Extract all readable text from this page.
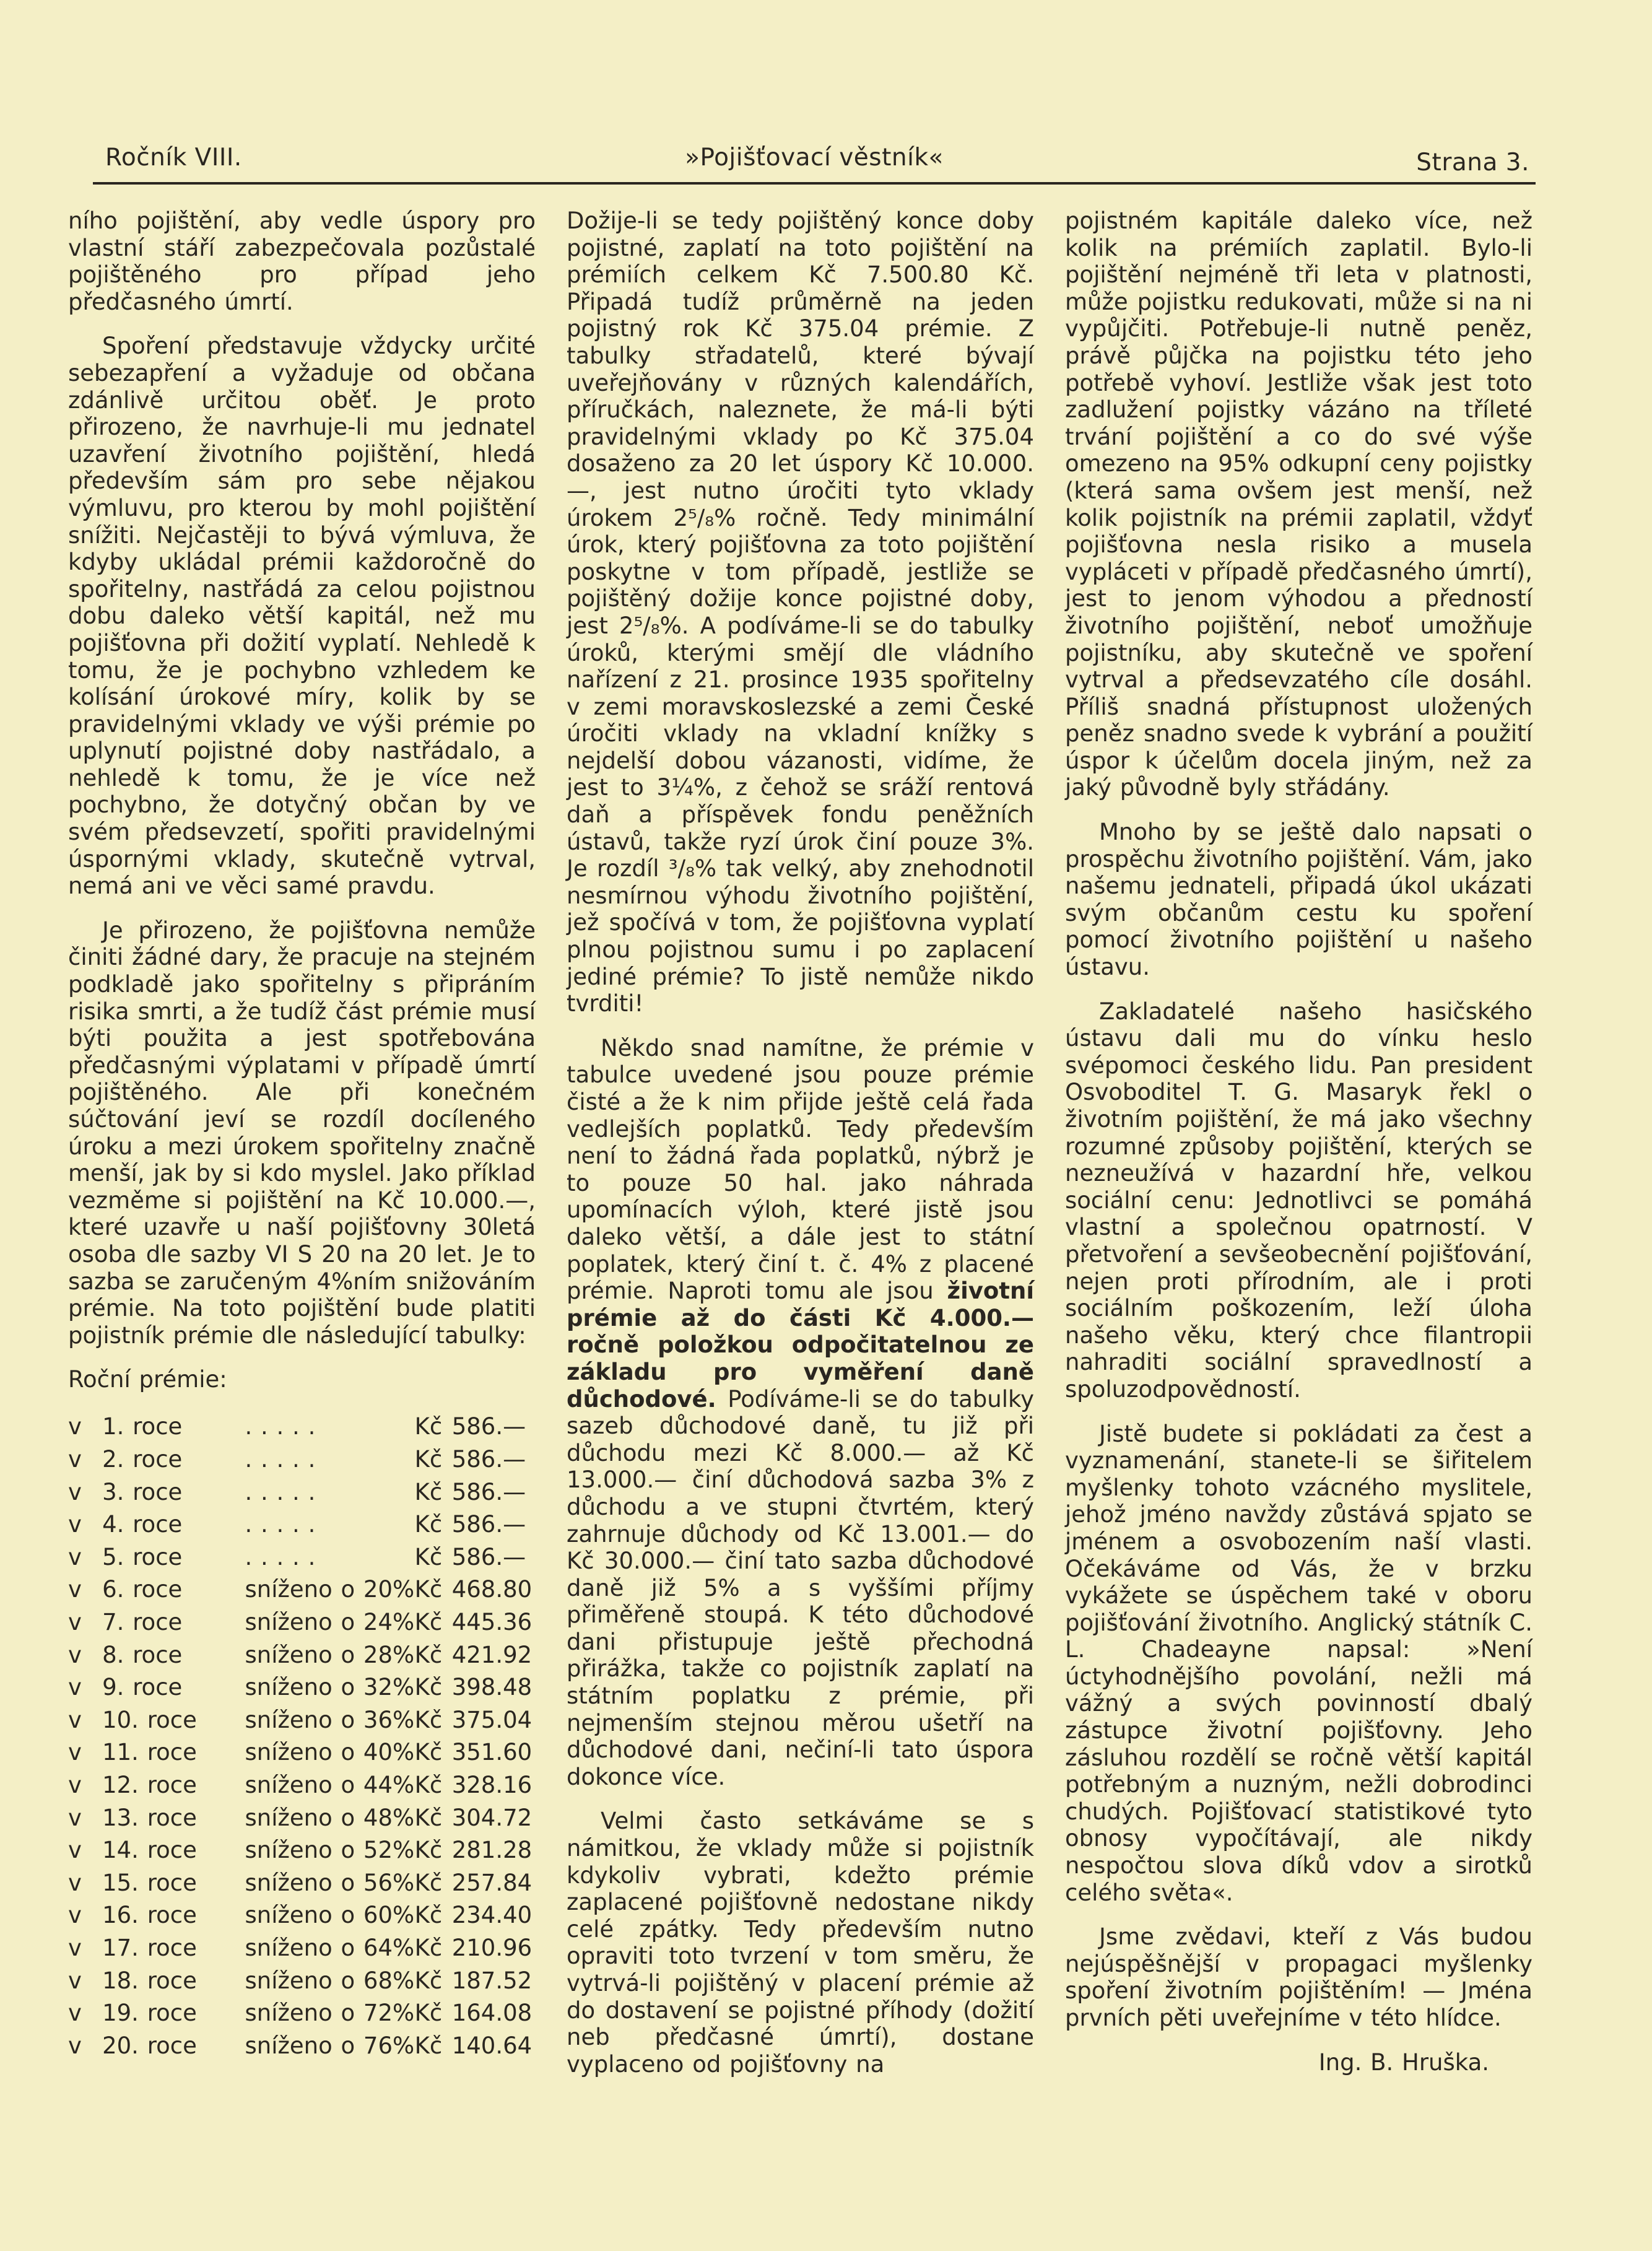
Ročník VIII.	»Pojišťovací věstník«	Strana 3.

ního pojištění, aby vedle úspory pro vlastní stáří zabezpečovala pozůstalé pojištěného pro případ jeho předčasného úmrtí.

Spoření představuje vždycky určité sebezapření a vyžaduje od občana zdánlivě určitou oběť. Je proto přirozeno, že navrhuje-li mu jednatel uzavření životního pojištění, hledá především sám pro sebe nějakou výmluvu, pro kterou by mohl pojištění snížiti. Nejčastěji to bývá výmluva, že kdyby ukládal prémii každoročně do spořitelny, nastřádá za celou pojistnou dobu daleko větší kapitál, než mu pojišťovna při dožití vyplatí. Nehledě k tomu, že je pochybno vzhledem ke kolísání úrokové míry, kolik by se pravidelnými vklady ve výši prémie po uplynutí pojistné doby nastřádalo, a nehledě k tomu, že je více než pochybno, že dotyčný občan by ve svém předsevzetí, spořiti pravidelnými úspornými vklady, skutečně vytrval, nemá ani ve věci samé pravdu.

Je přirozeno, že pojišťovna nemůže činiti žádné dary, že pracuje na stejném podkladě jako spořitelny s připráním risika smrti, a že tudíž část prémie musí býti použita a jest spotřebována předčasnými výplatami v případě úmrtí pojištěného. Ale při konečném súčtování jeví se rozdíl docíleného úroku a mezi úrokem spořitelny značně menší, jak by si kdo myslel. Jako příklad vezměme si pojištění na Kč 10.000.—, které uzavře u naší pojišťovny 30letá osoba dle sazby VI S 20 na 20 let. Je to sazba se zaručeným 4%ním snižováním prémie. Na toto pojištění bude platiti pojistník prémie dle následující tabulky:

Roční prémie:

v	1. roce	. . . . .	Kč	586.—
v	2. roce	. . . . .	Kč	586.—
v	3. roce	. . . . .	Kč	586.—
v	4. roce	. . . . .	Kč	586.—
v	5. roce	. . . . .	Kč	586.—
v	6. roce	sníženo o 20%	Kč	468.80
v	7. roce	sníženo o 24%	Kč	445.36
v	8. roce	sníženo o 28%	Kč	421.92
v	9. roce	sníženo o 32%	Kč	398.48
v	10. roce	sníženo o 36%	Kč	375.04
v	11. roce	sníženo o 40%	Kč	351.60
v	12. roce	sníženo o 44%	Kč	328.16
v	13. roce	sníženo o 48%	Kč	304.72
v	14. roce	sníženo o 52%	Kč	281.28
v	15. roce	sníženo o 56%	Kč	257.84
v	16. roce	sníženo o 60%	Kč	234.40
v	17. roce	sníženo o 64%	Kč	210.96
v	18. roce	sníženo o 68%	Kč	187.52
v	19. roce	sníženo o 72%	Kč	164.08
v	20. roce	sníženo o 76%	Kč	140.64

Dožije-li se tedy pojištěný konce doby pojistné, zaplatí na toto pojištění na prémiích celkem Kč 7.500.80 Kč. Připadá tudíž průměrně na jeden pojistný rok Kč 375.04 prémie. Z tabulky střadatelů, které bývají uveřejňovány v různých kalendářích, příručkách, naleznete, že má-li býti pravidelnými vklady po Kč 375.04 dosaženo za 20 let úspory Kč 10.000.—, jest nutno úročiti tyto vklady úrokem 2⁵/₈% ročně. Tedy minimální úrok, který pojišťovna za toto pojištění poskytne v tom případě, jestliže se pojištěný dožije konce pojistné doby, jest 2⁵/₈%. A podíváme-li se do tabulky úroků, kterými smějí dle vládního nařízení z 21. prosince 1935 spořitelny v zemi moravskoslezské a zemi České úročiti vklady na vkladní knížky s nejdelší dobou vázanosti, vidíme, že jest to 3¼%, z čehož se sráží rentová daň a příspěvek fondu peněžních ústavů, takže ryzí úrok činí pouze 3%. Je rozdíl ³/₈% tak velký, aby znehodnotil nesmírnou výhodu životního pojištění, jež spočívá v tom, že pojišťovna vyplatí plnou pojistnou sumu i po zaplacení jediné prémie? To jistě nemůže nikdo tvrditi!

Někdo snad namítne, že prémie v tabulce uvedené jsou pouze prémie čisté a že k nim přijde ještě celá řada vedlejších poplatků. Tedy především není to žádná řada poplatků, nýbrž je to pouze 50 hal. jako náhrada upomínacích výloh, které jistě jsou daleko větší, a dále jest to státní poplatek, který činí t. č. 4% z placené prémie. Naproti tomu ale jsou životní prémie až do části Kč 4.000.— ročně položkou odpočitatelnou ze základu pro vyměření daně důchodové. Podíváme-li se do tabulky sazeb důchodové daně, tu již při důchodu mezi Kč 8.000.— až Kč 13.000.— činí důchodová sazba 3% z důchodu a ve stupni čtvrtém, který zahrnuje důchody od Kč 13.001.— do Kč 30.000.— činí tato sazba důchodové daně již 5% a s vyššími příjmy přiměřeně stoupá. K této důchodové dani přistupuje ještě přechodná přirážka, takže co pojistník zaplatí na státním poplatku z prémie, při nejmenším stejnou měrou ušetří na důchodové dani, nečiní-li tato úspora dokonce více.

Velmi často setkáváme se s námitkou, že vklady může si pojistník kdykoliv vybrati, kdežto prémie zaplacené pojišťovně nedostane nikdy celé zpátky. Tedy především nutno opraviti toto tvrzení v tom směru, že vytrvá-li pojištěný v placení prémie až do dostavení se pojistné příhody (dožití neb předčasné úmrtí), dostane vyplaceno od pojišťovny na

pojistném kapitále daleko více, než kolik na prémiích zaplatil. Bylo-li pojištění nejméně tři leta v platnosti, může pojistku redukovati, může si na ni vypůjčiti. Potřebuje-li nutně peněz, právě půjčka na pojistku této jeho potřebě vyhoví. Jestliže však jest toto zadlužení pojistky vázáno na tříleté trvání pojištění a co do své výše omezeno na 95% odkupní ceny pojistky (která sama ovšem jest menší, než kolik pojistník na prémii zaplatil, vždyť pojišťovna nesla risiko a musela vypláceti v případě předčasného úmrtí), jest to jenom výhodou a předností životního pojištění, neboť umožňuje pojistníku, aby skutečně ve spoření vytrval a předsevzatého cíle dosáhl. Příliš snadná přístupnost uložených peněz snadno svede k vybrání a použití úspor k účelům docela jiným, než za jaký původně byly střádány.

Mnoho by se ještě dalo napsati o prospěchu životního pojištění. Vám, jako našemu jednateli, připadá úkol ukázati svým občanům cestu ku spoření pomocí životního pojištění u našeho ústavu.

Zakladatelé našeho hasičského ústavu dali mu do vínku heslo svépomoci českého lidu. Pan president Osvoboditel T. G. Masaryk řekl o životním pojištění, že má jako všechny rozumné způsoby pojištění, kterých se nezneužívá v hazardní hře, velkou sociální cenu: Jednotlivci se pomáhá vlastní a společnou opatrností. V přetvoření a sevšeobecnění pojišťování, nejen proti přírodním, ale i proti sociálním poškozením, leží úloha našeho věku, který chce filantropii nahraditi sociální spravedlností a spoluzodpovědností.

Jistě budete si pokládati za čest a vyznamenání, stanete-li se šiřitelem myšlenky tohoto vzácného myslitele, jehož jméno navždy zůstává spjato se jménem a osvobozením naší vlasti. Očekáváme od Vás, že v brzku vykážete se úspěchem také v oboru pojišťování životního. Anglický státník C. L. Chadeayne napsal: »Není úctyhodnějšího povolání, nežli má vážný a svých povinností dbalý zástupce životní pojišťovny. Jeho zásluhou rozdělí se ročně větší kapitál potřebným a nuzným, nežli dobrodinci chudých. Pojišťovací statistikové tyto obnosy vypočítávají, ale nikdy nespočtou slova díků vdov a sirotků celého světa«.

Jsme zvědavi, kteří z Vás budou nejúspěšnější v propagaci myšlenky spoření životním pojištěním! — Jména prvních pěti uveřejníme v této hlídce.

Ing. B. Hruška.
